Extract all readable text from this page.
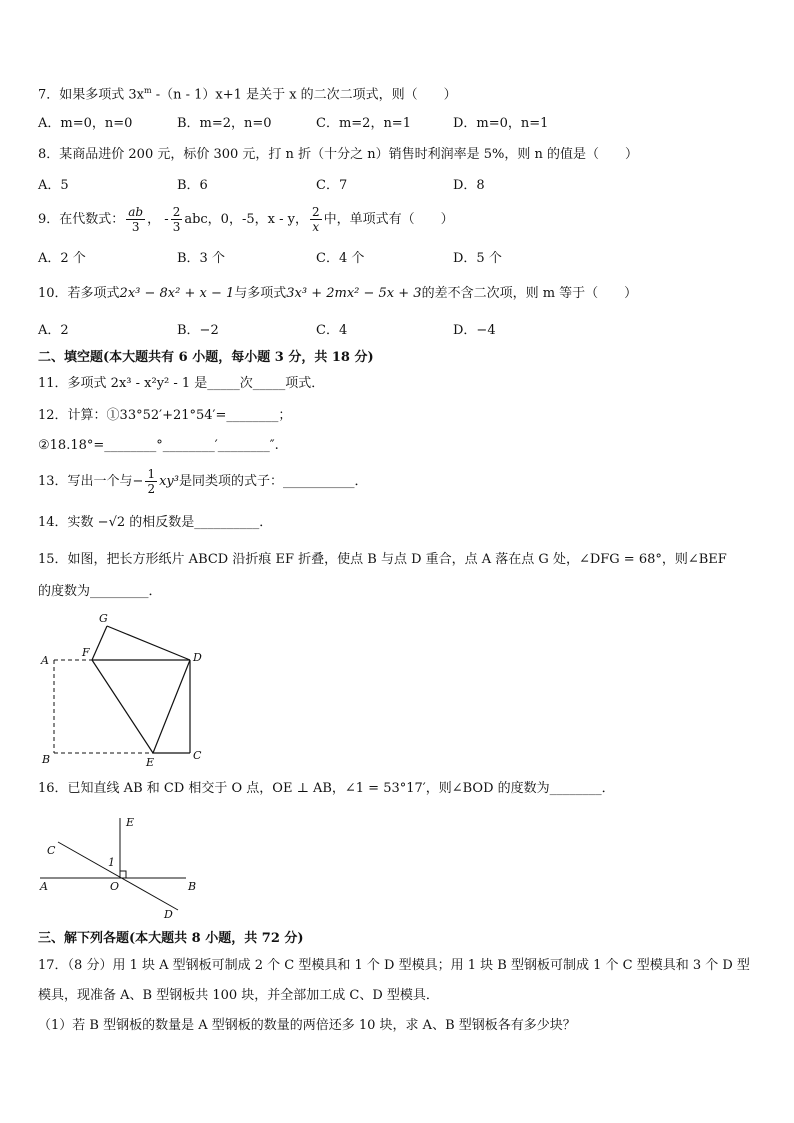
7．如果多项式 $3x^m$ -（n - 1）x+1 是关于 x 的二次二项式，则（　　）
A．m=0，n=0	B．m=2，n=0	C．m=2，n=1	D．m=0，n=1
8．某商品进价 200 元，标价 300 元，打 n 折（十分之 n）销售时利润率是 5%，则 n 的值是（　　）
A．5	B．6	C．7	D．8
9．在代数式： $\frac{ab}{3}$ ， - $\frac{2}{3}$ abc，0，-5，x - y， $\frac{2}{x}$ 中，单项式有（　　）
A．2 个	B．3 个	C．4 个	D．5 个
10．若多项式2x³ − 8x² + x − 1与多项式3x³ + 2mx² − 5x + 3的差不含二次项，则 m 等于（　　）
A．2	B．−2	C．4	D．−4
二、填空题(本大题共有 6 小题，每小题 3 分，共 18 分)
11．多项式 2x³ - x²y² - 1 是_____次_____项式．
12．计算：①33°52′+21°54′=________；
②18.18°=________°________′________″.
13．写出一个与− $\frac{1}{2} xy^3$是同类项的式子：___________．
14．实数 −√2 的相反数是__________．
15．如图，把长方形纸片 ABCD 沿折痕 EF 折叠，使点 B 与点 D 重合，点 A 落在点 G 处，∠DFG = 68°，则∠BEF
的度数为_________．
G
A
F	D
B	E
C
16．已知直线 AB 和 CD 相交于 O 点，OE ⊥ AB，∠1 = 53°17′，则∠BOD 的度数为________．
E
C
1
A	O	B
D
三、解下列各题(本大题共 8 小题，共 72 分)
17．（8 分）用 1 块 A 型钢板可制成 2 个 C 型模具和 1 个 D 型模具；用 1 块 B 型钢板可制成 1 个 C 型模具和 3 个 D 型
模具，现准备 A、B 型钢板共 100 块，并全部加工成 C、D 型模具．
（1）若 B 型钢板的数量是 A 型钢板的数量的两倍还多 10 块，求 A、B 型钢板各有多少块？
